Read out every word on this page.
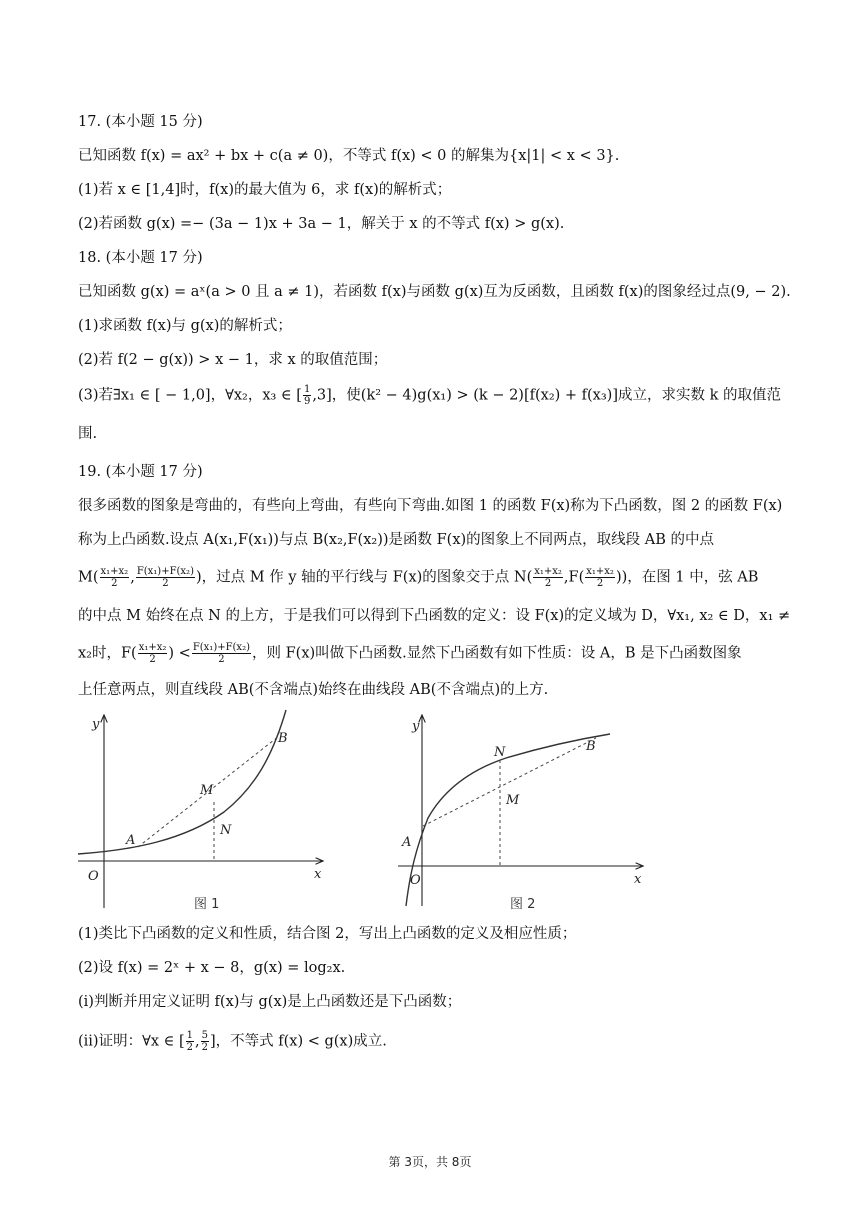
17. (本小题 15 分)
已知函数 f(x) = ax² + bx + c(a ≠ 0)，不等式 f(x) < 0 的解集为{x|1| < x < 3}.
(1)若 x ∈ [1,4]时，f(x)的最大值为 6，求 f(x)的解析式；
(2)若函数 g(x) =− (3a − 1)x + 3a − 1，解关于 x 的不等式 f(x) > g(x).
18. (本小题 17 分)
已知函数 g(x) = aˣ(a > 0 且 a ≠ 1)，若函数 f(x)与函数 g(x)互为反函数，且函数 f(x)的图象经过点(9, − 2).
(1)求函数 f(x)与 g(x)的解析式；
(2)若 f(2 − g(x)) > x − 1，求 x 的取值范围；
(3)若∃x₁ ∈ [ − 1,0]，∀x₂，x₃ ∈ [ $\frac{1}{9} ,3$]，使(k² − 4)g(x₁) > (k − 2)[f(x₂) + f(x₃)]成立，求实数 k 的取值范
围.
19. (本小题 17 分)
很多函数的图象是弯曲的，有些向上弯曲，有些向下弯曲.如图 1 的函数 F(x)称为下凸函数，图 2 的函数 F(x)
称为上凸函数.设点 A(x₁,F(x₁))与点 B(x₂,F(x₂))是函数 F(x)的图象上不同两点，取线段 AB 的中点
$M( \frac{\text{x₁+x₂}}{2}$ , $\frac{\text{F(x₁)+F(x₂)}}{2}$ )，过点 M 作 y 轴的平行线与 F(x)的图象交于点 $N( \frac{\text{x₁+x₂}}{2} ,F( \frac{\text{x₁+x₂}}{2}$ ))，在图 1 中，弦 AB
的中点 M 始终在点 N 的上方，于是我们可以得到下凸函数的定义：设 F(x)的定义域为 D，∀x₁, x₂ ∈ D，x₁ ≠
x₂时，$F( \frac{\text{x₁+x₂}}{2}$ ) < $\frac{\text{F(x₁)+F(x₂)}}{2}$ ，则 F(x)叫做下凸函数.显然下凸函数有如下性质：设 A，B 是下凸函数图象
上任意两点，则直线段 AB(不含端点)始终在曲线段 AB(不含端点)的上方.
y
x
O
A
B
M
N
图 1
y
x
O
A
B
N
M
图 2
(1)类比下凸函数的定义和性质，结合图 2，写出上凸函数的定义及相应性质；
(2)设 f(x) = 2ˣ + x − 8，g(x) = log₂x.
(i)判断并用定义证明 f(x)与 g(x)是上凸函数还是下凸函数；
(ii)证明：∀x ∈ [ $\frac{1}{2}$ , $\frac{5}{2}$ ]，不等式 f(x) < g(x)成立.
第 3页，共 8页
